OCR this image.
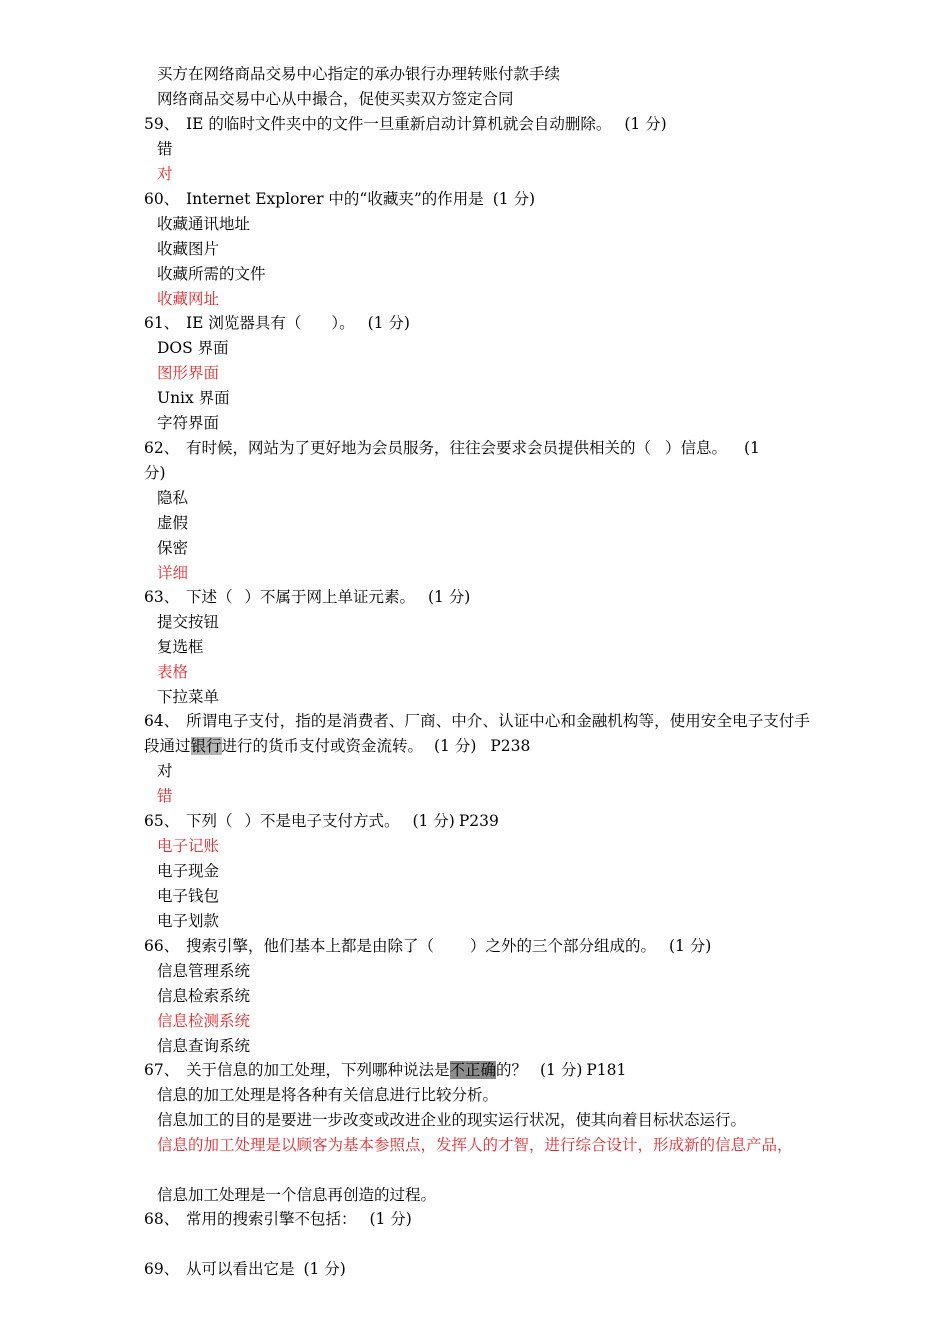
买方在网络商品交易中心指定的承办银行办理转账付款手续
网络商品交易中心从中撮合，促使买卖双方签定合同
59、 IE 的临时文件夹中的文件一旦重新启动计算机就会自动删除。 (1 分)
错
对
60、 Internet Explorer 中的“收藏夹”的作用是 (1 分)
收藏通讯地址
收藏图片
收藏所需的文件
收藏网址
61、 IE 浏览器具有（ ）。 (1 分)
DOS 界面
图形界面
Unix 界面
字符界面
62、 有时候，网站为了更好地为会员服务，往往会要求会员提供相关的（ ）信息。 (1
分)
隐私
虚假
保密
详细
63、 下述（ ）不属于网上单证元素。 (1 分)
提交按钮
复选框
表格
下拉菜单
64、 所谓电子支付，指的是消费者、厂商、中介、认证中心和金融机构等，使用安全电子支付手段通过银行进行的货币支付或资金流转。 (1 分) P238
对
错
65、 下列（ ）不是电子支付方式。 (1 分) P239
电子记账
电子现金
电子钱包
电子划款
66、 搜索引擎，他们基本上都是由除了（ ）之外的三个部分组成的。 (1 分)
信息管理系统
信息检索系统
信息检测系统
信息查询系统
67、 关于信息的加工处理，下列哪种说法是不正确的？ (1 分) P181
信息的加工处理是将各种有关信息进行比较分析。
信息加工的目的是要进一步改变或改进企业的现实运行状况，使其向着目标状态运行。
信息的加工处理是以顾客为基本参照点，发挥人的才智，进行综合设计，形成新的信息产品，
信息加工处理是一个信息再创造的过程。
68、 常用的搜索引擎不包括： (1 分)
69、 从可以看出它是 (1 分)
